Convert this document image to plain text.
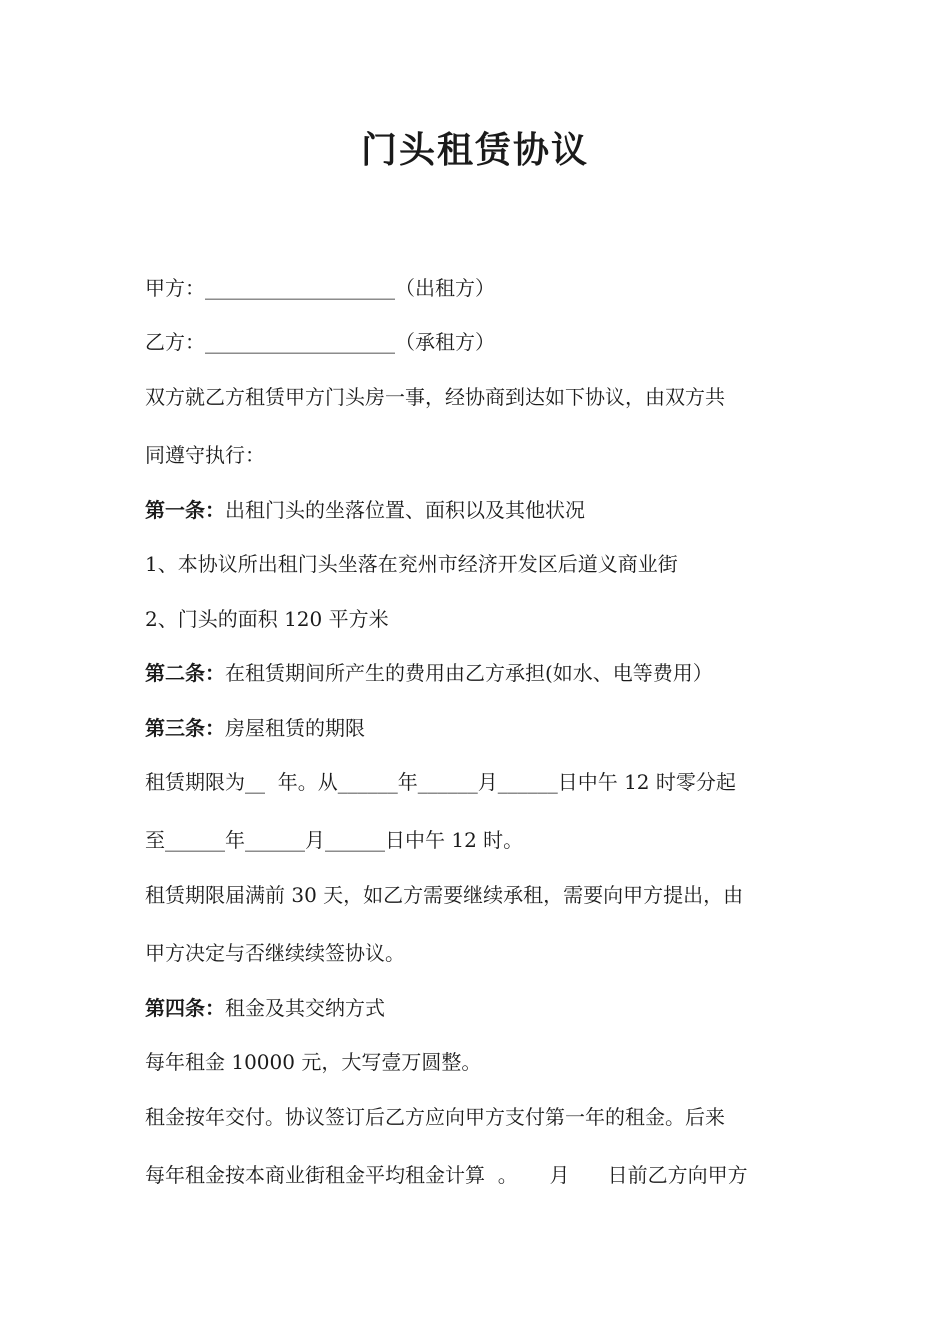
门头租赁协议
甲方：___________________（出租方）
乙方：___________________（承租方）
双方就乙方租赁甲方门头房一事，经协商到达如下协议，由双方共
同遵守执行：
第一条：出租门头的坐落位置、面积以及其他状况
1、本协议所出租门头坐落在兖州市经济开发区后道义商业街
2、门头的面积 120 平方米
第二条：在租赁期间所产生的费用由乙方承担(如水、电等费用）
第三条：房屋租赁的期限
租赁期限为__  年。从______年______月______日中午 12 时零分起
至______年______月______日中午 12 时。
租赁期限届满前 30 天，如乙方需要继续承租，需要向甲方提出，由
甲方决定与否继续续签协议。
第四条：租金及其交纳方式
每年租金 10000 元，大写壹万圆整。
租金按年交付。协议签订后乙方应向甲方支付第一年的租金。后来
每年租金按本商业街租金平均租金计算  。     月      日前乙方向甲方
